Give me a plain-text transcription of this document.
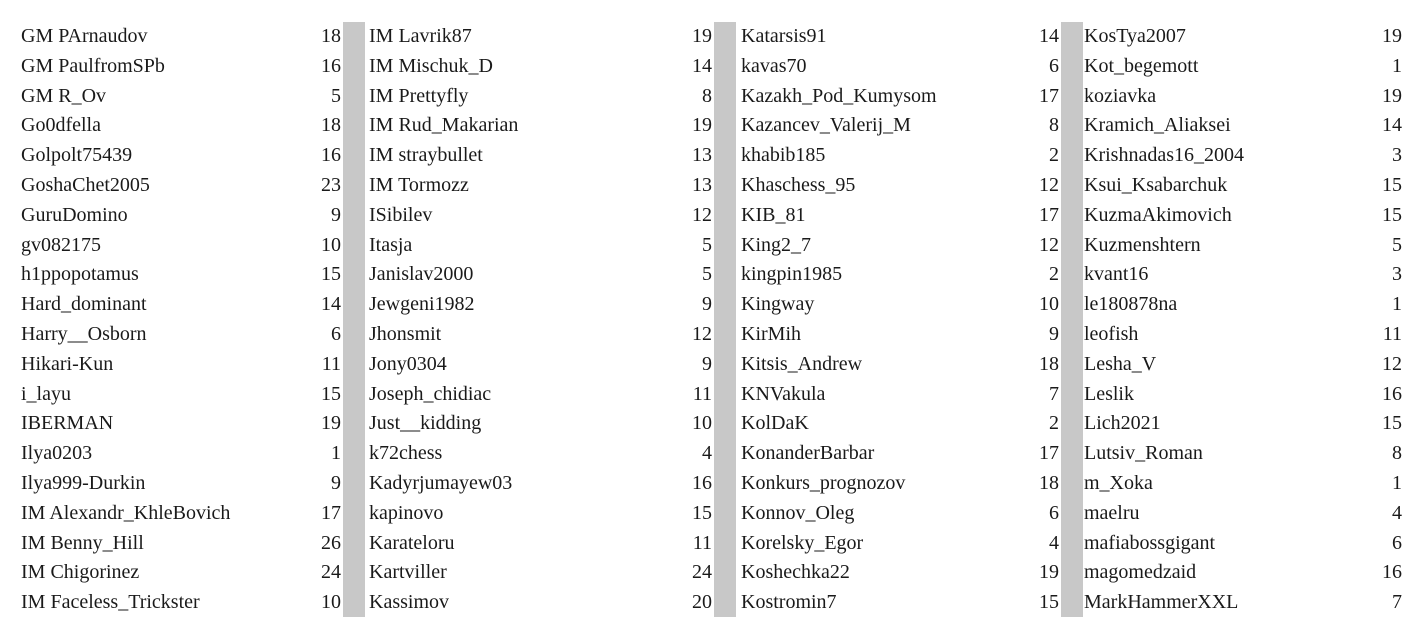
GM PArnaudov	18
GM PaulfromSPb	16
GM R_Ov	5
Go0dfella	18
Golpolt75439	16
GoshaChet2005	23
GuruDomino	9
gv082175	10
h1ppopotamus	15
Hard_dominant	14
Harry__Osborn	6
Hikari-Kun	11
i_layu	15
IBERMAN	19
Ilya0203	1
Ilya999-Durkin	9
IM Alexandr_KhleBovich	17
IM Benny_Hill	26
IM Chigorinez	24
IM Faceless_Trickster	10
IM Lavrik87	19
IM Mischuk_D	14
IM Prettyfly	8
IM Rud_Makarian	19
IM straybullet	13
IM Tormozz	13
ISibilev	12
Itasja	5
Janislav2000	5
Jewgeni1982	9
Jhonsmit	12
Jony0304	9
Joseph_chidiac	11
Just__kidding	10
k72chess	4
Kadyrjumayew03	16
kapinovo	15
Karateloru	11
Kartviller	24
Kassimov	20
Katarsis91	14
kavas70	6
Kazakh_Pod_Kumysom	17
Kazancev_Valerij_M	8
khabib185	2
Khaschess_95	12
KIB_81	17
King2_7	12
kingpin1985	2
Kingway	10
KirMih	9
Kitsis_Andrew	18
KNVakula	7
KolDaK	2
KonanderBarbar	17
Konkurs_prognozov	18
Konnov_Oleg	6
Korelsky_Egor	4
Koshechka22	19
Kostromin7	15
KosTya2007	19
Kot_begemott	1
koziavka	19
Kramich_Aliaksei	14
Krishnadas16_2004	3
Ksui_Ksabarchuk	15
KuzmaAkimovich	15
Kuzmenshtern	5
kvant16	3
le180878na	1
leofish	11
Lesha_V	12
Leslik	16
Lich2021	15
Lutsiv_Roman	8
m_Xoka	1
maelru	4
mafiabossgigant	6
magomedzaid	16
MarkHammerXXL	7
